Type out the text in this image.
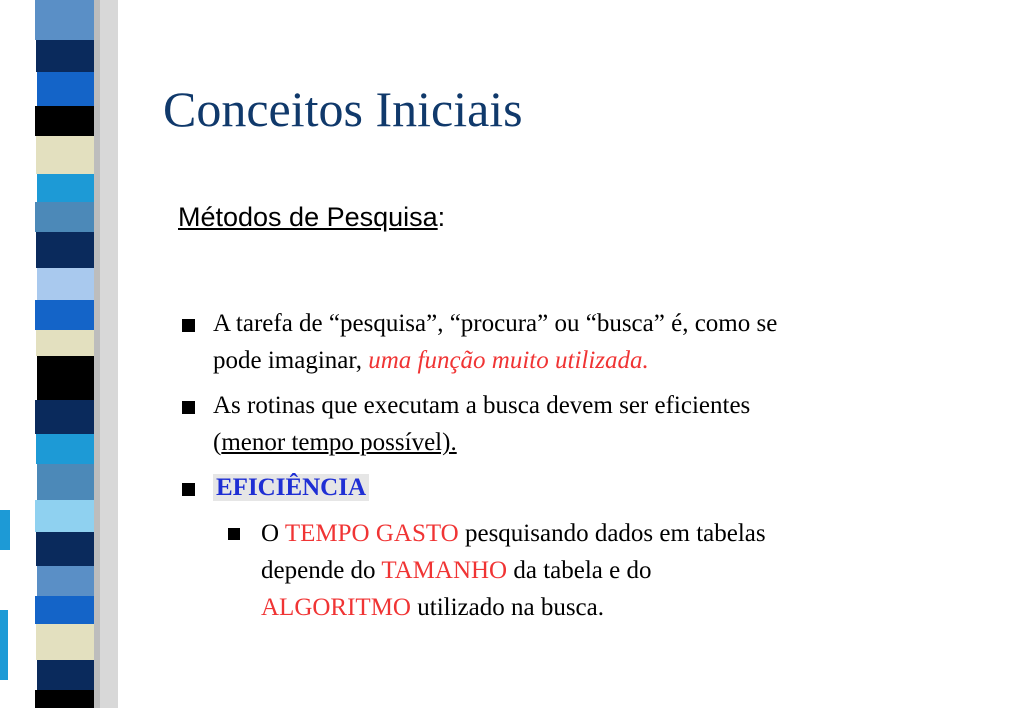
Conceitos Iniciais
Métodos de Pesquisa:
A tarefa de “pesquisa”, “procura” ou “busca” é, como se
pode imaginar, uma função muito utilizada.
As rotinas que executam a busca devem ser eficientes
(menor tempo possível).
EFICIÊNCIA
O TEMPO GASTO pesquisando dados em tabelas
depende do TAMANHO da tabela e do
ALGORITMO utilizado na busca.
